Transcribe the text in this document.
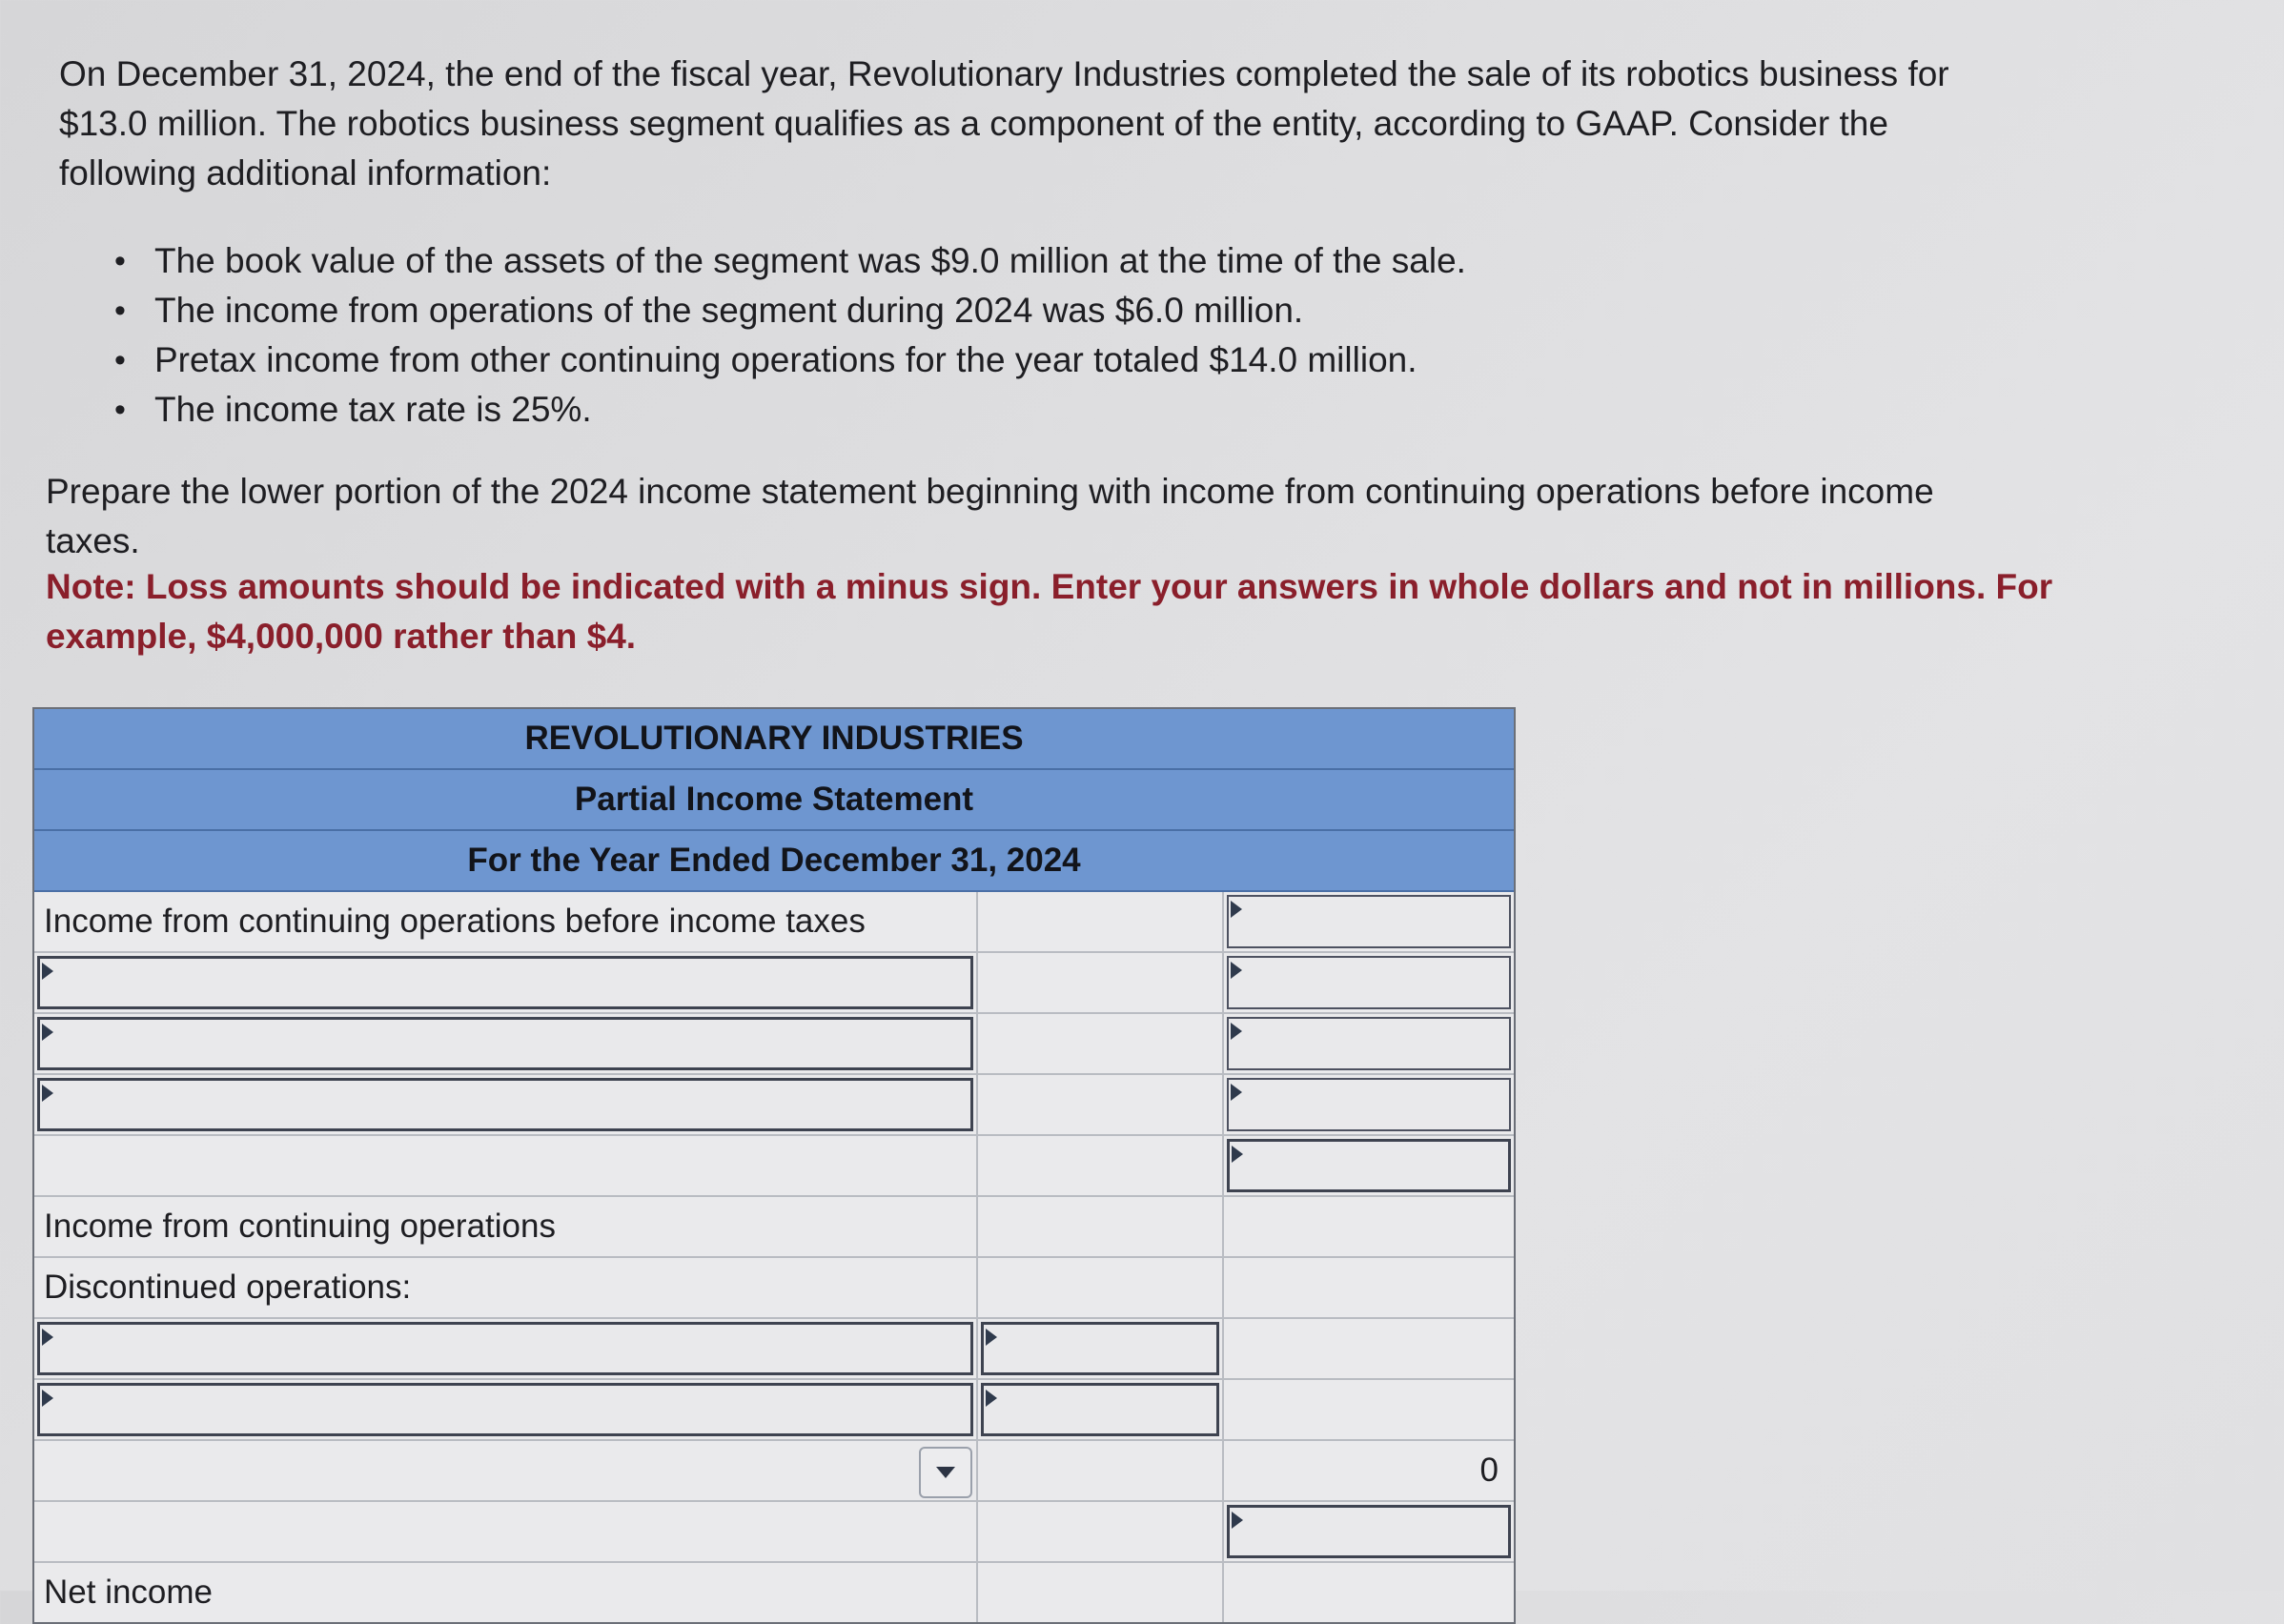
On December 31, 2024, the end of the fiscal year, Revolutionary Industries completed the sale of its robotics business for

$13.0 million. The robotics business segment qualifies as a component of the entity, according to GAAP. Consider the

following additional information:

• The book value of the assets of the segment was $9.0 million at the time of the sale.
• The income from operations of the segment during 2024 was $6.0 million.
• Pretax income from other continuing operations for the year totaled $14.0 million.
• The income tax rate is 25%.
Prepare the lower portion of the 2024 income statement beginning with income from continuing operations before income
taxes.
Note: Loss amounts should be indicated with a minus sign. Enter your answers in whole dollars and not in millions. For
example, $4,000,000 rather than $4.
REVOLUTIONARY INDUSTRIES
Partial Income Statement
For the Year Ended December 31, 2024
Income from continuing operations before income taxes
Income from continuing operations
Discontinued operations:
0
Net income
